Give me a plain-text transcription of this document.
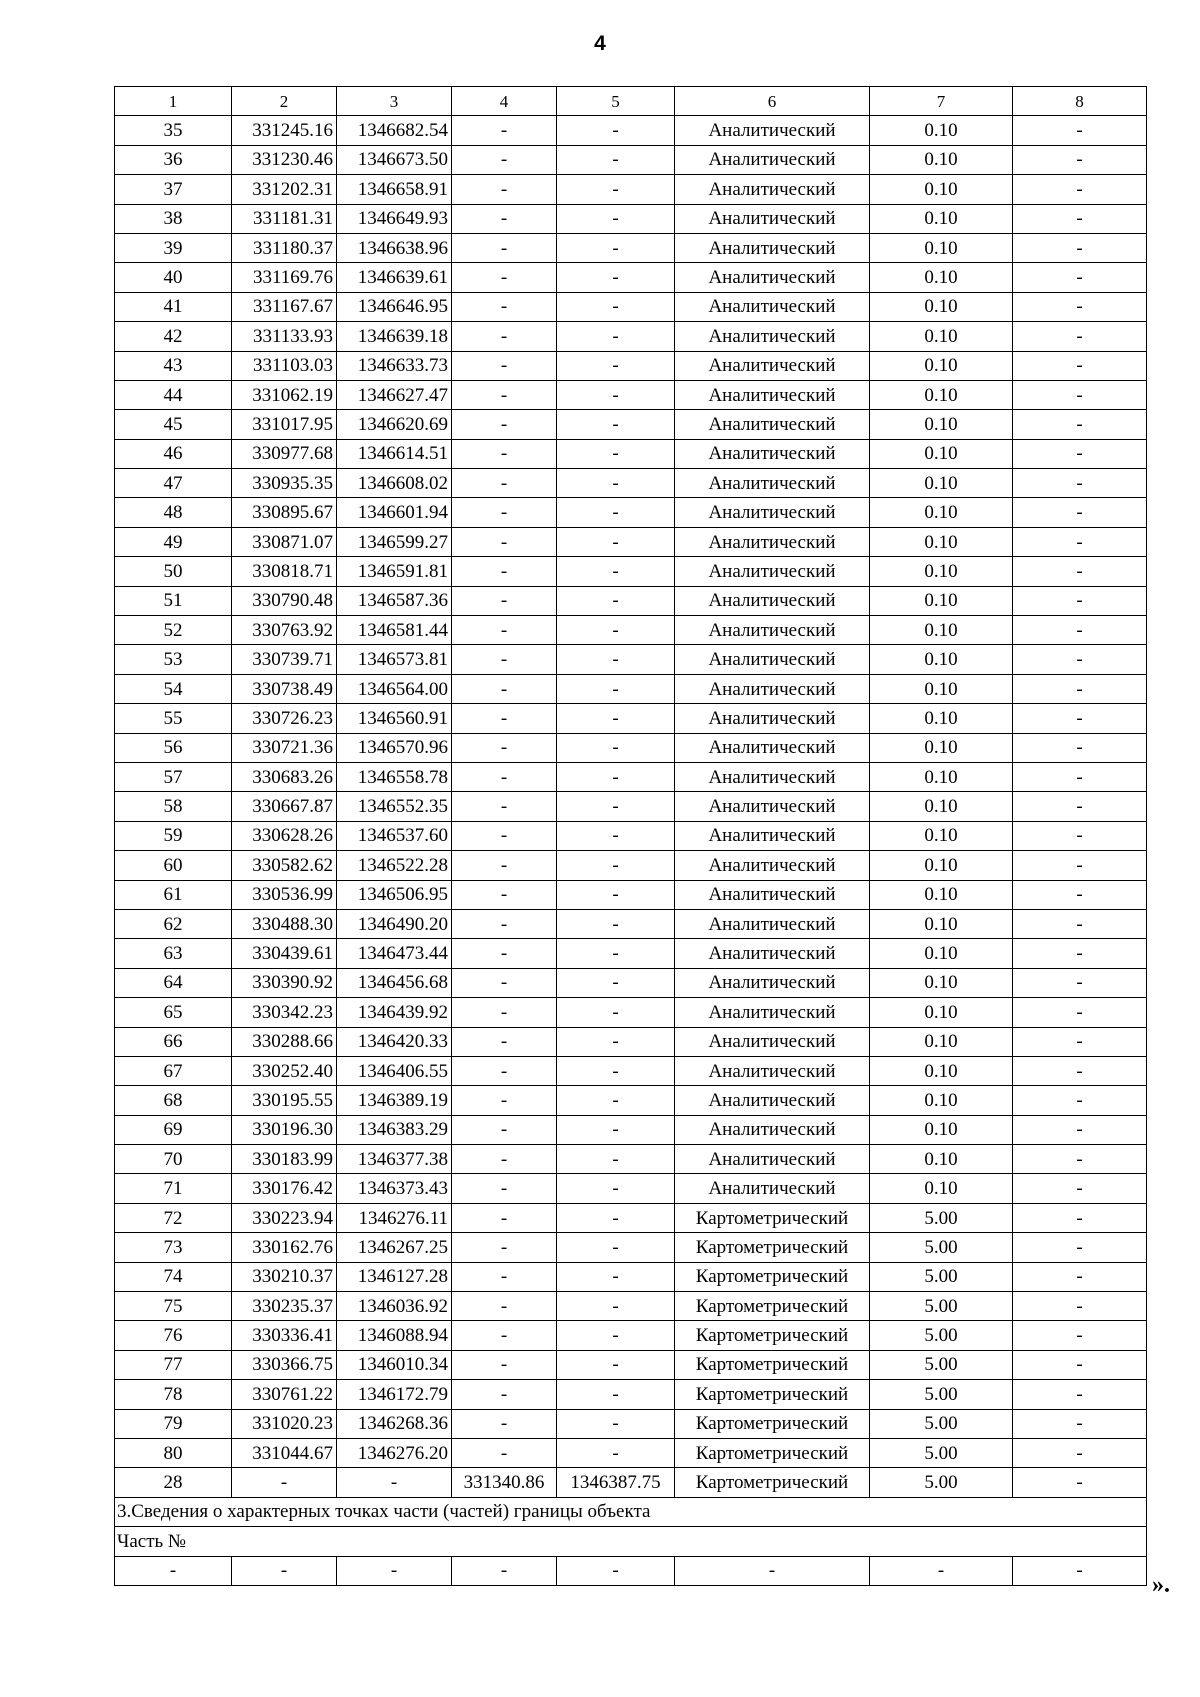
4
1	2	3	4	5	6	7	8
35	331245.16	1346682.54	-	-	Аналитический	0.10	-
36	331230.46	1346673.50	-	-	Аналитический	0.10	-
37	331202.31	1346658.91	-	-	Аналитический	0.10	-
38	331181.31	1346649.93	-	-	Аналитический	0.10	-
39	331180.37	1346638.96	-	-	Аналитический	0.10	-
40	331169.76	1346639.61	-	-	Аналитический	0.10	-
41	331167.67	1346646.95	-	-	Аналитический	0.10	-
42	331133.93	1346639.18	-	-	Аналитический	0.10	-
43	331103.03	1346633.73	-	-	Аналитический	0.10	-
44	331062.19	1346627.47	-	-	Аналитический	0.10	-
45	331017.95	1346620.69	-	-	Аналитический	0.10	-
46	330977.68	1346614.51	-	-	Аналитический	0.10	-
47	330935.35	1346608.02	-	-	Аналитический	0.10	-
48	330895.67	1346601.94	-	-	Аналитический	0.10	-
49	330871.07	1346599.27	-	-	Аналитический	0.10	-
50	330818.71	1346591.81	-	-	Аналитический	0.10	-
51	330790.48	1346587.36	-	-	Аналитический	0.10	-
52	330763.92	1346581.44	-	-	Аналитический	0.10	-
53	330739.71	1346573.81	-	-	Аналитический	0.10	-
54	330738.49	1346564.00	-	-	Аналитический	0.10	-
55	330726.23	1346560.91	-	-	Аналитический	0.10	-
56	330721.36	1346570.96	-	-	Аналитический	0.10	-
57	330683.26	1346558.78	-	-	Аналитический	0.10	-
58	330667.87	1346552.35	-	-	Аналитический	0.10	-
59	330628.26	1346537.60	-	-	Аналитический	0.10	-
60	330582.62	1346522.28	-	-	Аналитический	0.10	-
61	330536.99	1346506.95	-	-	Аналитический	0.10	-
62	330488.30	1346490.20	-	-	Аналитический	0.10	-
63	330439.61	1346473.44	-	-	Аналитический	0.10	-
64	330390.92	1346456.68	-	-	Аналитический	0.10	-
65	330342.23	1346439.92	-	-	Аналитический	0.10	-
66	330288.66	1346420.33	-	-	Аналитический	0.10	-
67	330252.40	1346406.55	-	-	Аналитический	0.10	-
68	330195.55	1346389.19	-	-	Аналитический	0.10	-
69	330196.30	1346383.29	-	-	Аналитический	0.10	-
70	330183.99	1346377.38	-	-	Аналитический	0.10	-
71	330176.42	1346373.43	-	-	Аналитический	0.10	-
72	330223.94	1346276.11	-	-	Картометрический	5.00	-
73	330162.76	1346267.25	-	-	Картометрический	5.00	-
74	330210.37	1346127.28	-	-	Картометрический	5.00	-
75	330235.37	1346036.92	-	-	Картометрический	5.00	-
76	330336.41	1346088.94	-	-	Картометрический	5.00	-
77	330366.75	1346010.34	-	-	Картометрический	5.00	-
78	330761.22	1346172.79	-	-	Картометрический	5.00	-
79	331020.23	1346268.36	-	-	Картометрический	5.00	-
80	331044.67	1346276.20	-	-	Картометрический	5.00	-
28	-	-	331340.86	1346387.75	Картометрический	5.00	-
3.Сведения о характерных точках части (частей) границы объекта							
Часть №							
-	-	-	-	-	-	-	-
».
